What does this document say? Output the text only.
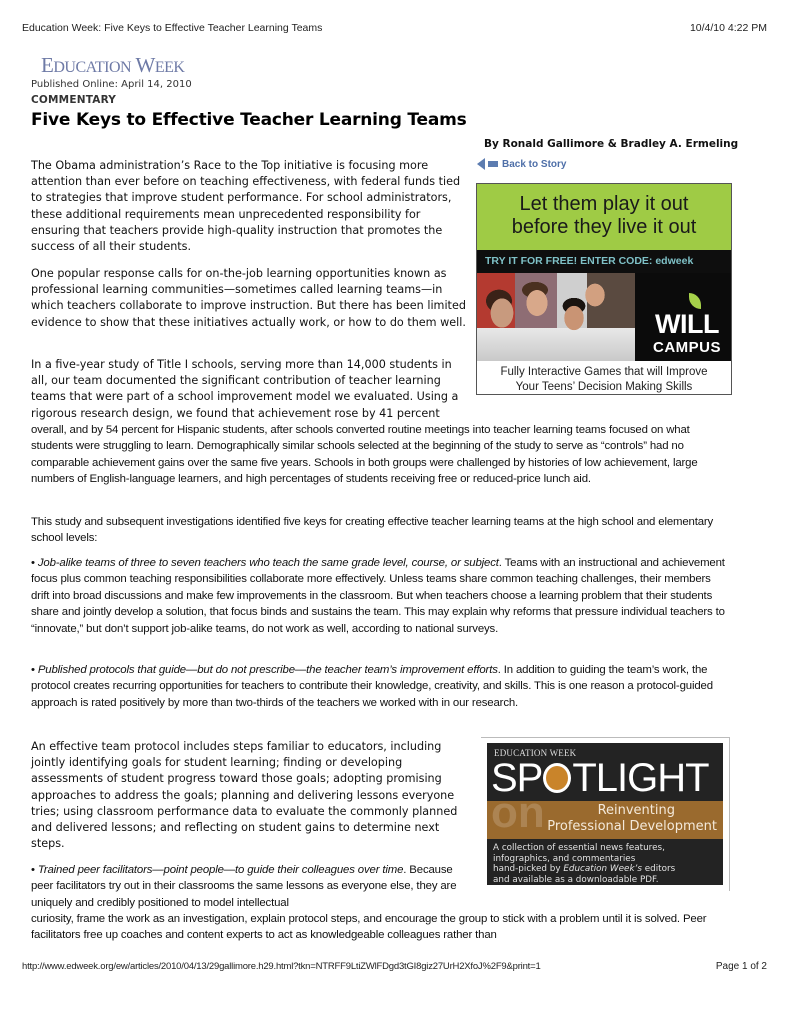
Education Week: Five Keys to Effective Teacher Learning Teams	10/4/10 4:22 PM
EDUCATION WEEK
Published Online: April 14, 2010
COMMENTARY
Five Keys to Effective Teacher Learning Teams
By Ronald Gallimore & Bradley A. Ermeling
Back to Story

The Obama administration’s Race to the Top initiative is focusing more attention than ever before on teaching effectiveness, with federal funds tied to strategies that improve student performance. For school administrators, these additional requirements mean unprecedented responsibility for ensuring that teachers provide high-quality instruction that promotes the success of all their students.

One popular response calls for on-the-job learning opportunities known as professional learning communities—sometimes called learning teams—in which teachers collaborate to improve instruction. But there has been limited evidence to show that these initiatives actually work, or how to do them well.

In a five-year study of Title I schools, serving more than 14,000 students in all, our team documented the significant contribution of teacher learning teams that were part of a school improvement model we evaluated. Using a rigorous research design, we found that achievement rose by 41 percent

overall, and by 54 percent for Hispanic students, after schools converted routine meetings into teacher learning teams focused on what students were struggling to learn. Demographically similar schools selected at the beginning of the study to serve as “controls” had no comparable achievement gains over the same five years. Schools in both groups were challenged by histories of low achievement, large numbers of English-language learners, and high percentages of students receiving free or reduced-price lunch aid.

This study and subsequent investigations identified five keys for creating effective teacher learning teams at the high school and elementary school levels:

• Job-alike teams of three to seven teachers who teach the same grade level, course, or subject. Teams with an instructional and achievement focus plus common teaching responsibilities collaborate more effectively. Unless teams share common teaching challenges, their members drift into broad discussions and make few improvements in the classroom. But when teachers choose a learning problem that their students share and jointly develop a solution, that focus binds and sustains the team. This may explain why reforms that pressure individual teachers to “innovate,” but don’t support job-alike teams, do not work as well, according to national surveys.

• Published protocols that guide—but do not prescribe—the teacher team’s improvement efforts. In addition to guiding the team’s work, the protocol creates recurring opportunities for teachers to contribute their knowledge, creativity, and skills. This is one reason a protocol-guided approach is rated positively by more than two-thirds of the teachers we worked with in our research.

An effective team protocol includes steps familiar to educators, including jointly identifying goals for student learning; finding or developing assessments of student progress toward those goals; adopting promising approaches to address the goals; planning and delivering lessons everyone tries; using classroom performance data to evaluate the commonly planned and delivered lessons; and reflecting on student gains to determine next steps.

• Trained peer facilitators—point people—to guide their colleagues over time. Because peer facilitators try out in their classrooms the same lessons as everyone else, they are uniquely and credibly positioned to model intellectual

curiosity, frame the work as an investigation, explain protocol steps, and encourage the group to stick with a problem until it is solved. Peer facilitators free up coaches and content experts to act as knowledgeable colleagues rather than

Let them play it out
before they live it out
TRY IT FOR FREE! ENTER CODE: edweek
WILL
CAMPUS
Fully Interactive Games that will Improve
Your Teens’ Decision Making Skills
EDUCATION WEEK
on
SP TLIGHT
Reinventing
Professional Development
A collection of essential news features,
infographics, and commentaries
hand-picked by Education Week’s editors
and available as a downloadable PDF.
http://www.edweek.org/ew/articles/2010/04/13/29gallimore.h29.html?tkn=NTRFF9LtiZWlFDgd3tGI8giz27UrH2XfoJ%2F9&print=1	Page 1 of 2
